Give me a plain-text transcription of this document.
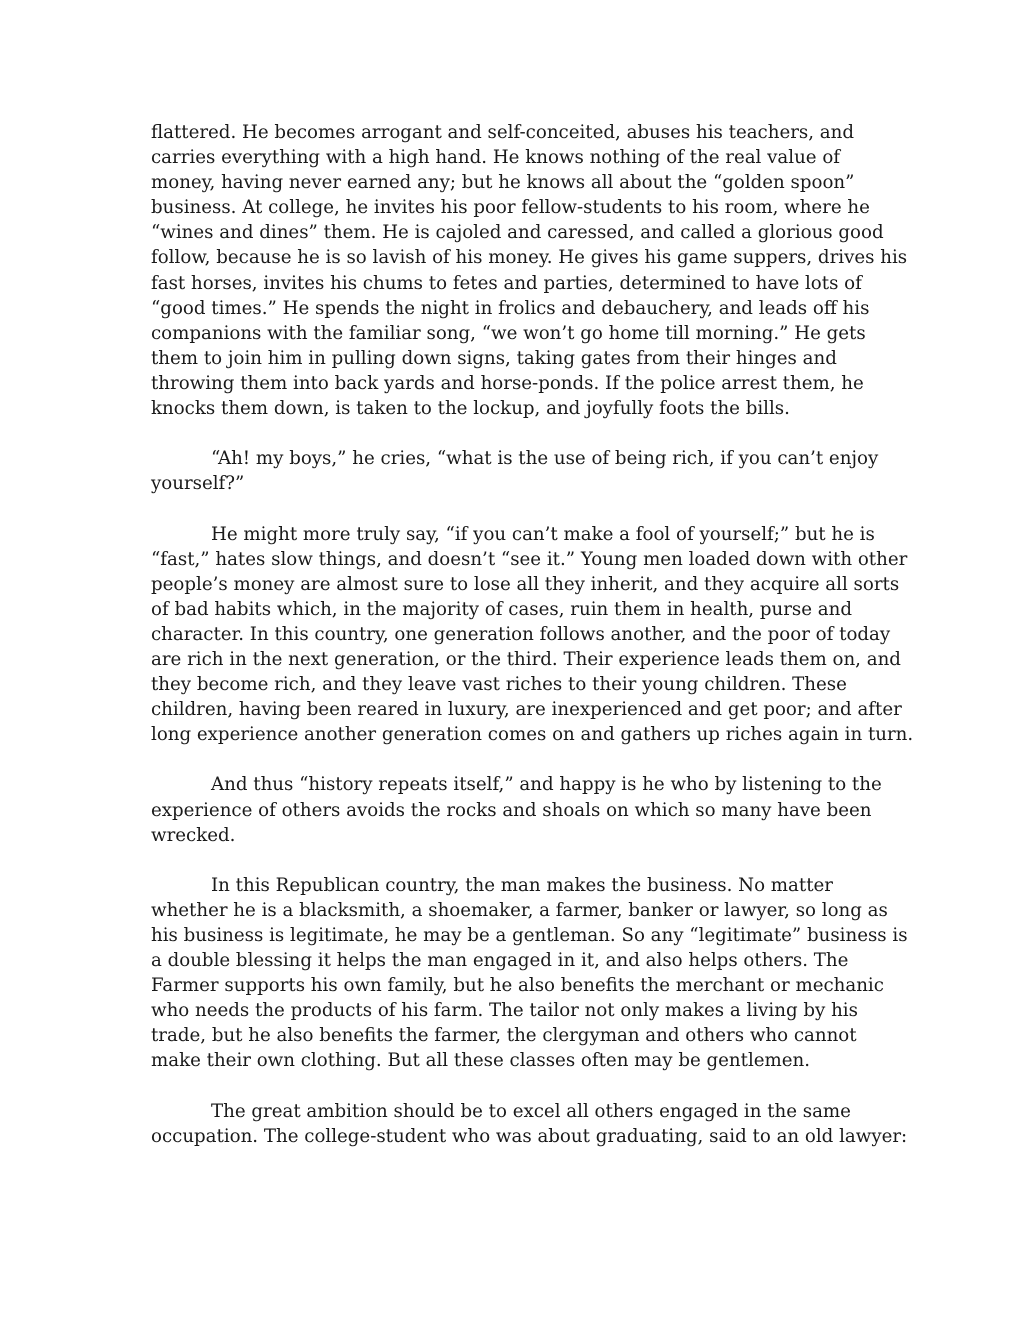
flattered. He becomes arrogant and self-conceited, abuses his teachers, and
carries everything with a high hand. He knows nothing of the real value of
money, having never earned any; but he knows all about the “golden spoon”
business. At college, he invites his poor fellow-students to his room, where he
“wines and dines” them. He is cajoled and caressed, and called a glorious good
follow, because he is so lavish of his money. He gives his game suppers, drives his
fast horses, invites his chums to fetes and parties, determined to have lots of
“good times.” He spends the night in frolics and debauchery, and leads off his
companions with the familiar song, “we won’t go home till morning.” He gets
them to join him in pulling down signs, taking gates from their hinges and
throwing them into back yards and horse-ponds. If the police arrest them, he
knocks them down, is taken to the lockup, and joyfully foots the bills.

“Ah! my boys,” he cries, “what is the use of being rich, if you can’t enjoy
yourself?”

He might more truly say, “if you can’t make a fool of yourself;” but he is
“fast,” hates slow things, and doesn’t “see it.” Young men loaded down with other
people’s money are almost sure to lose all they inherit, and they acquire all sorts
of bad habits which, in the majority of cases, ruin them in health, purse and
character. In this country, one generation follows another, and the poor of today
are rich in the next generation, or the third. Their experience leads them on, and
they become rich, and they leave vast riches to their young children. These
children, having been reared in luxury, are inexperienced and get poor; and after
long experience another generation comes on and gathers up riches again in turn.

And thus “history repeats itself,” and happy is he who by listening to the
experience of others avoids the rocks and shoals on which so many have been
wrecked.

In this Republican country, the man makes the business. No matter
whether he is a blacksmith, a shoemaker, a farmer, banker or lawyer, so long as
his business is legitimate, he may be a gentleman. So any “legitimate” business is
a double blessing it helps the man engaged in it, and also helps others. The
Farmer supports his own family, but he also benefits the merchant or mechanic
who needs the products of his farm. The tailor not only makes a living by his
trade, but he also benefits the farmer, the clergyman and others who cannot
make their own clothing. But all these classes often may be gentlemen.

The great ambition should be to excel all others engaged in the same
occupation. The college-student who was about graduating, said to an old lawyer:
